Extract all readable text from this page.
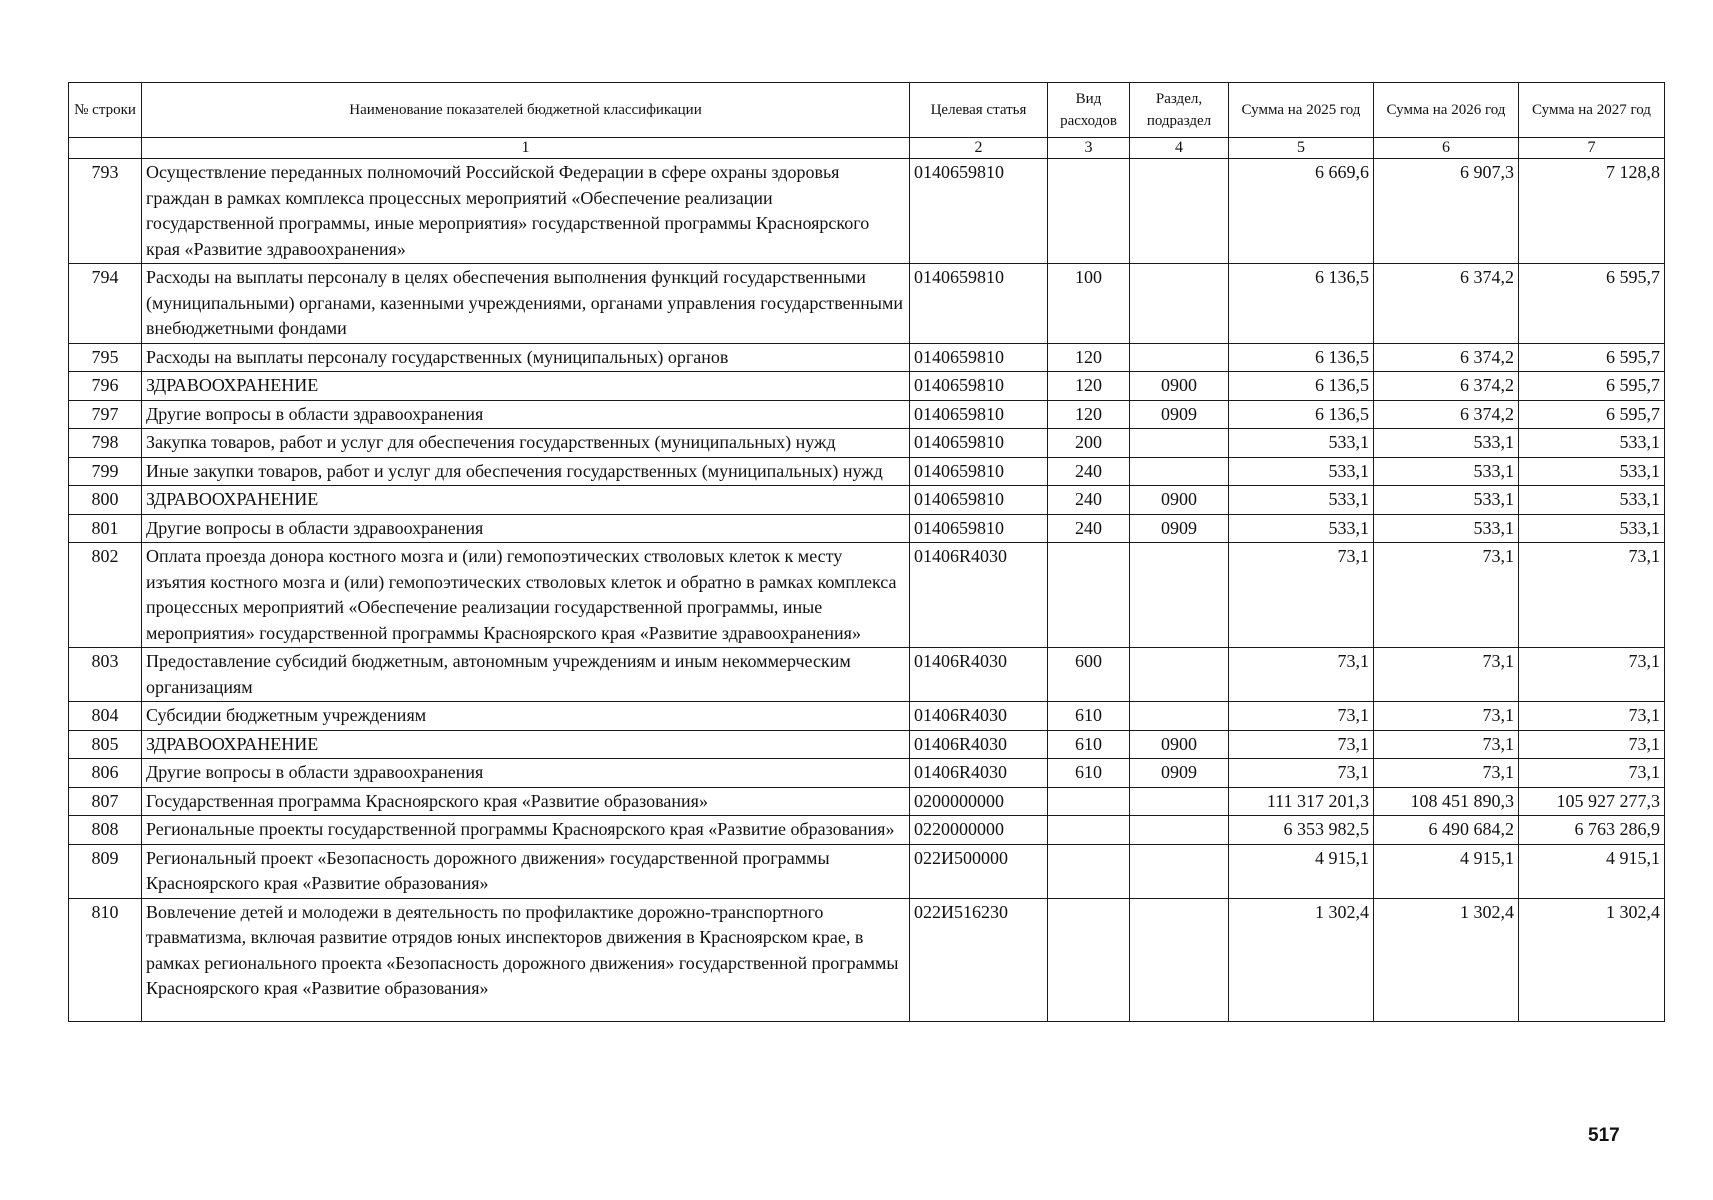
№ строки	Наименование показателей бюджетной классификации	Целевая статья	Вид расходов	Раздел, подраздел	Сумма на 2025 год	Сумма на 2026 год	Сумма на 2027 год
	1	2	3	4	5	6	7
793	Осуществление переданных полномочий Российской Федерации в сфере охраны здоровья граждан в рамках комплекса процессных мероприятий «Обеспечение реализации государственной программы, иные мероприятия» государственной программы Красноярского края «Развитие здравоохранения»	0140659810			6 669,6	6 907,3	7 128,8
794	Расходы на выплаты персоналу в целях обеспечения выполнения функций государственными (муниципальными) органами, казенными учреждениями, органами управления государственными внебюджетными фондами	0140659810	100		6 136,5	6 374,2	6 595,7
795	Расходы на выплаты персоналу государственных (муниципальных) органов	0140659810	120		6 136,5	6 374,2	6 595,7
796	ЗДРАВООХРАНЕНИЕ	0140659810	120	0900	6 136,5	6 374,2	6 595,7
797	Другие вопросы в области здравоохранения	0140659810	120	0909	6 136,5	6 374,2	6 595,7
798	Закупка товаров, работ и услуг для обеспечения государственных (муниципальных) нужд	0140659810	200		533,1	533,1	533,1
799	Иные закупки товаров, работ и услуг для обеспечения государственных (муниципальных) нужд	0140659810	240		533,1	533,1	533,1
800	ЗДРАВООХРАНЕНИЕ	0140659810	240	0900	533,1	533,1	533,1
801	Другие вопросы в области здравоохранения	0140659810	240	0909	533,1	533,1	533,1
802	Оплата проезда донора костного мозга и (или) гемопоэтических стволовых клеток к месту изъятия костного мозга и (или) гемопоэтических стволовых клеток и обратно в рамках комплекса процессных мероприятий «Обеспечение реализации государственной программы, иные мероприятия» государственной программы Красноярского края «Развитие здравоохранения»	01406R4030			73,1	73,1	73,1
803	Предоставление субсидий бюджетным, автономным учреждениям и иным некоммерческим организациям	01406R4030	600		73,1	73,1	73,1
804	Субсидии бюджетным учреждениям	01406R4030	610		73,1	73,1	73,1
805	ЗДРАВООХРАНЕНИЕ	01406R4030	610	0900	73,1	73,1	73,1
806	Другие вопросы в области здравоохранения	01406R4030	610	0909	73,1	73,1	73,1
807	Государственная программа Красноярского края «Развитие образования»	0200000000			111 317 201,3	108 451 890,3	105 927 277,3
808	Региональные проекты государственной программы Красноярского края «Развитие образования»	0220000000			6 353 982,5	6 490 684,2	6 763 286,9
809	Региональный проект «Безопасность дорожного движения» государственной программы Красноярского края «Развитие образования»	022И500000			4 915,1	4 915,1	4 915,1
810	Вовлечение детей и молодежи в деятельность по профилактике дорожно-транспортного травматизма, включая развитие отрядов юных инспекторов движения в Красноярском крае, в рамках регионального проекта «Безопасность дорожного движения» государственной программы Красноярского края «Развитие образования»	022И516230			1 302,4	1 302,4	1 302,4

517
